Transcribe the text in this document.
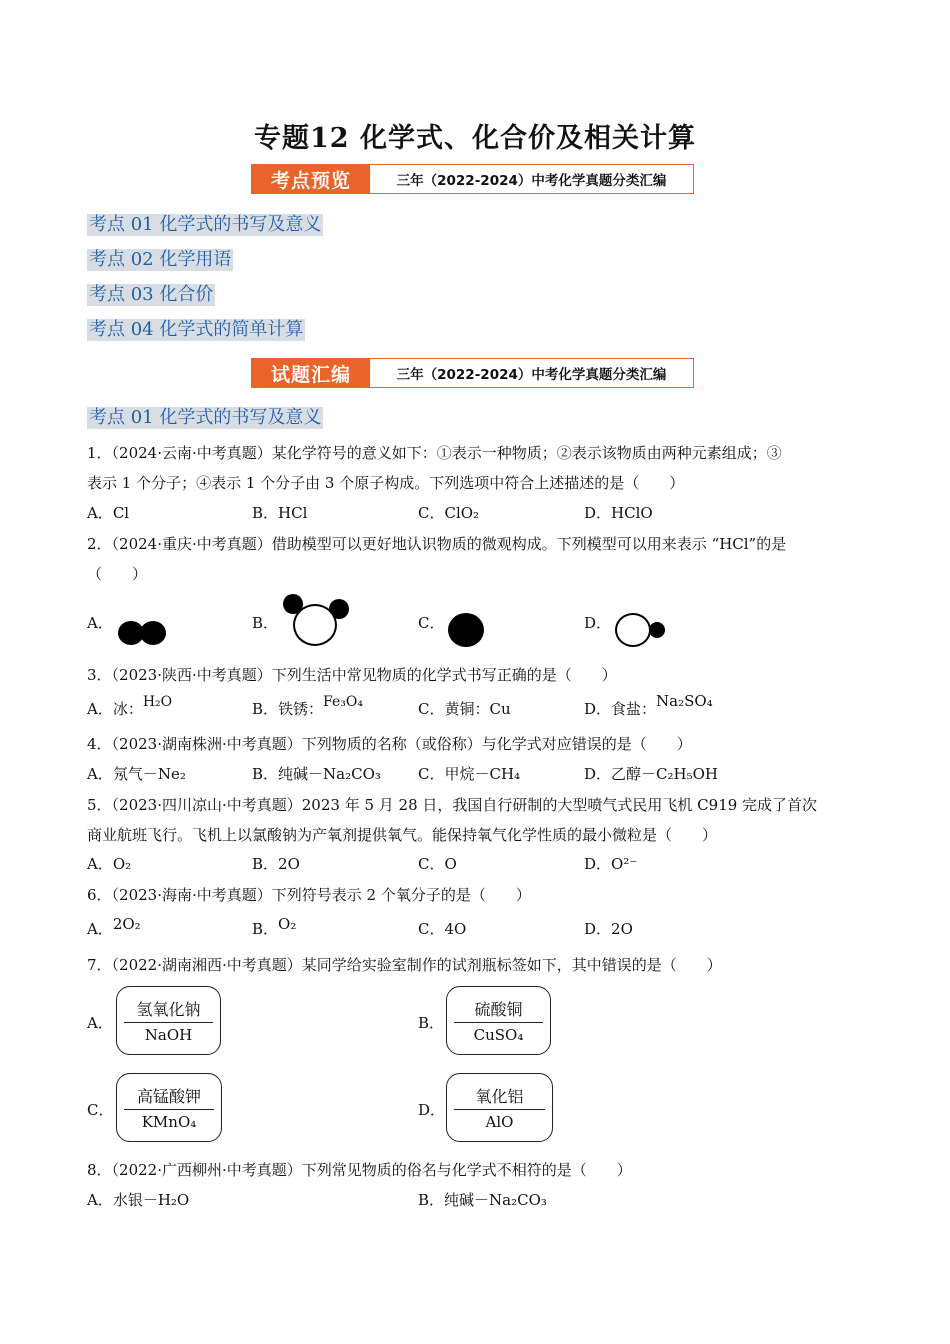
专题12 化学式、化合价及相关计算
考点预览	三年（2022-2024）中考化学真题分类汇编
考点 01 化学式的书写及意义
考点 02 化学用语
考点 03 化合价
考点 04 化学式的简单计算
试题汇编	三年（2022-2024）中考化学真题分类汇编
考点 01 化学式的书写及意义
1．（2024·云南·中考真题）某化学符号的意义如下：①表示一种物质；②表示该物质由两种元素组成；③
表示 1 个分子；④表示 1 个分子由 3 个原子构成。下列选项中符合上述描述的是（　　）
A．Cl	B．HCl	C．ClO₂	D．HClO
2．（2024·重庆·中考真题）借助模型可以更好地认识物质的微观构成。下列模型可以用来表示 “HCl”的是
（　　）
A．	B．	C．	D．
3．（2023·陕西·中考真题）下列生活中常见物质的化学式书写正确的是（　　）
A．冰：H₂O	B．铁锈：Fe₃O₄	C．黄铜：Cu	D．食盐：Na₂SO₄
4．（2023·湖南株洲·中考真题）下列物质的名称（或俗称）与化学式对应错误的是（　　）
A．氖气－Ne₂	B．纯碱－Na₂CO₃ C．甲烷－CH₄	D．乙醇－C₂H₅OH
5．（2023·四川凉山·中考真题）2023 年 5 月 28 日，我国自行研制的大型喷气式民用飞机 C919 完成了首次
商业航班飞行。飞机上以氯酸钠为产氧剂提供氧气。能保持氧气化学性质的最小微粒是（　　）
A．O₂	B．2O	C．O	D．O²⁻
6．（2023·海南·中考真题）下列符号表示 2 个氧分子的是（　　）
A．2O₂	B．O₂	C．4O	D．2O
7．（2022·湖南湘西·中考真题）某同学给实验室制作的试剂瓶标签如下，其中错误的是（　　）
A．
氢氧化钠
NaOH
B．
硫酸铜
CuSO₄
C．
高锰酸钾
KMnO₄
D．
氧化铝
AlO
8．（2022·广西柳州·中考真题）下列常见物质的俗名与化学式不相符的是（　　）
A．水银－H₂O	B．纯碱－Na₂CO₃
